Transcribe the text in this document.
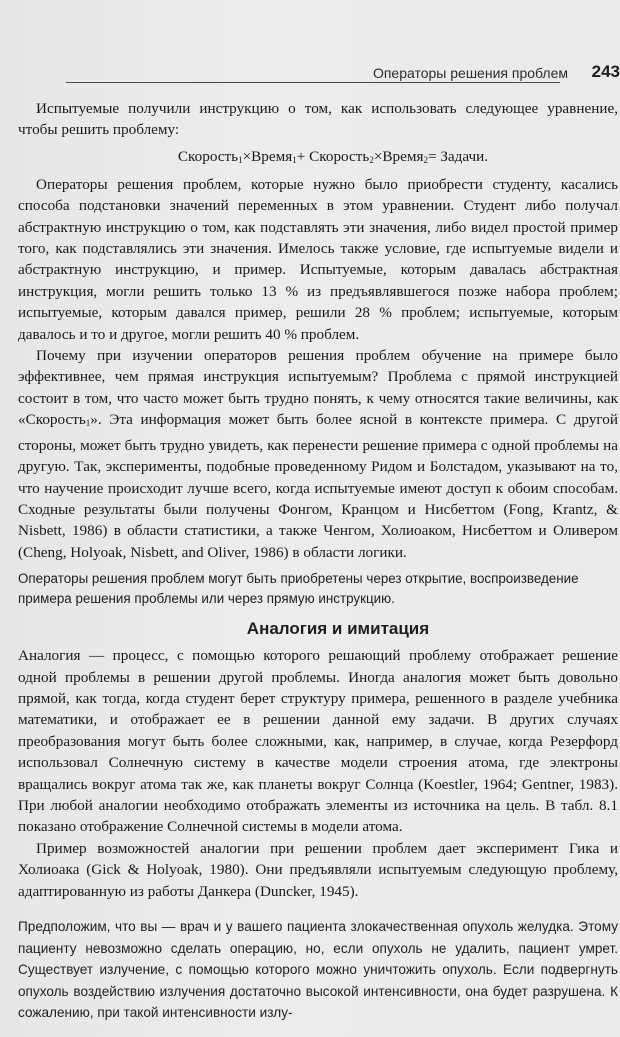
Операторы решения проблем 243

Испытуемые получили инструкцию о том, как использовать следующее уравнение, чтобы решить проблему:

Скорость$_1$×Время$_1$+ Скорость$_2$×Время$_2$= Задачи.

Операторы решения проблем, которые нужно было приобрести студенту, касались способа подстановки значений переменных в этом уравнении. Студент либо получал абстрактную инструкцию о том, как подставлять эти значения, либо видел простой пример того, как подставлялись эти значения. Имелось также условие, где испытуемые видели и абстрактную инструкцию, и пример. Испытуемые, которым давалась абстрактная инструкция, могли решить только 13 % из предъявлявшегося позже набора проблем; испытуемые, которым давался пример, решили 28 % проблем; испытуемые, которым давалось и то и другое, могли решить 40 % проблем.

Почему при изучении операторов решения проблем обучение на примере было эффективнее, чем прямая инструкция испытуемым? Проблема с прямой инструкцией состоит в том, что часто может быть трудно понять, к чему относятся такие величины, как «Скорость$_1$». Эта информация может быть более ясной в контексте примера. С другой стороны, может быть трудно увидеть, как перенести решение примера с одной проблемы на другую. Так, эксперименты, подобные проведенному Ридом и Болстадом, указывают на то, что научение происходит лучше всего, когда испытуемые имеют доступ к обоим способам. Сходные результаты были получены Фонгом, Кранцом и Нисбеттом (Fong, Krantz, & Nisbett, 1986) в области статистики, а также Ченгом, Холиоаком, Нисбеттом и Оливером (Cheng, Holyoak, Nisbett, and Oliver, 1986) в области логики.

Операторы решения проблем могут быть приобретены через открытие, воспроизведение примера решения проблемы или через прямую инструкцию.
Аналогия и имитация

Аналогия — процесс, с помощью которого решающий проблему отображает решение одной проблемы в решении другой проблемы. Иногда аналогия может быть довольно прямой, как тогда, когда студент берет структуру примера, решенного в разделе учебника математики, и отображает ее в решении данной ему задачи. В других случаях преобразования могут быть более сложными, как, например, в случае, когда Резерфорд использовал Солнечную систему в качестве модели строения атома, где электроны вращались вокруг атома так же, как планеты вокруг Солнца (Koestler, 1964; Gentner, 1983). При любой аналогии необходимо отображать элементы из источника на цель. В табл. 8.1 показано отображение Солнечной системы в модели атома.

Пример возможностей аналогии при решении проблем дает эксперимент Гика и Холиоака (Gick & Holyoak, 1980). Они предъявляли испытуемым следующую проблему, адаптированную из работы Данкера (Duncker, 1945).

Предположим, что вы — врач и у вашего пациента злокачественная опухоль желудка. Этому пациенту невозможно сделать операцию, но, если опухоль не удалить, пациент умрет. Существует излучение, с помощью которого можно уничтожить опухоль. Если подвергнуть опухоль воздействию излучения достаточно высокой интенсивности, она будет разрушена. К сожалению, при такой интенсивности излу-
